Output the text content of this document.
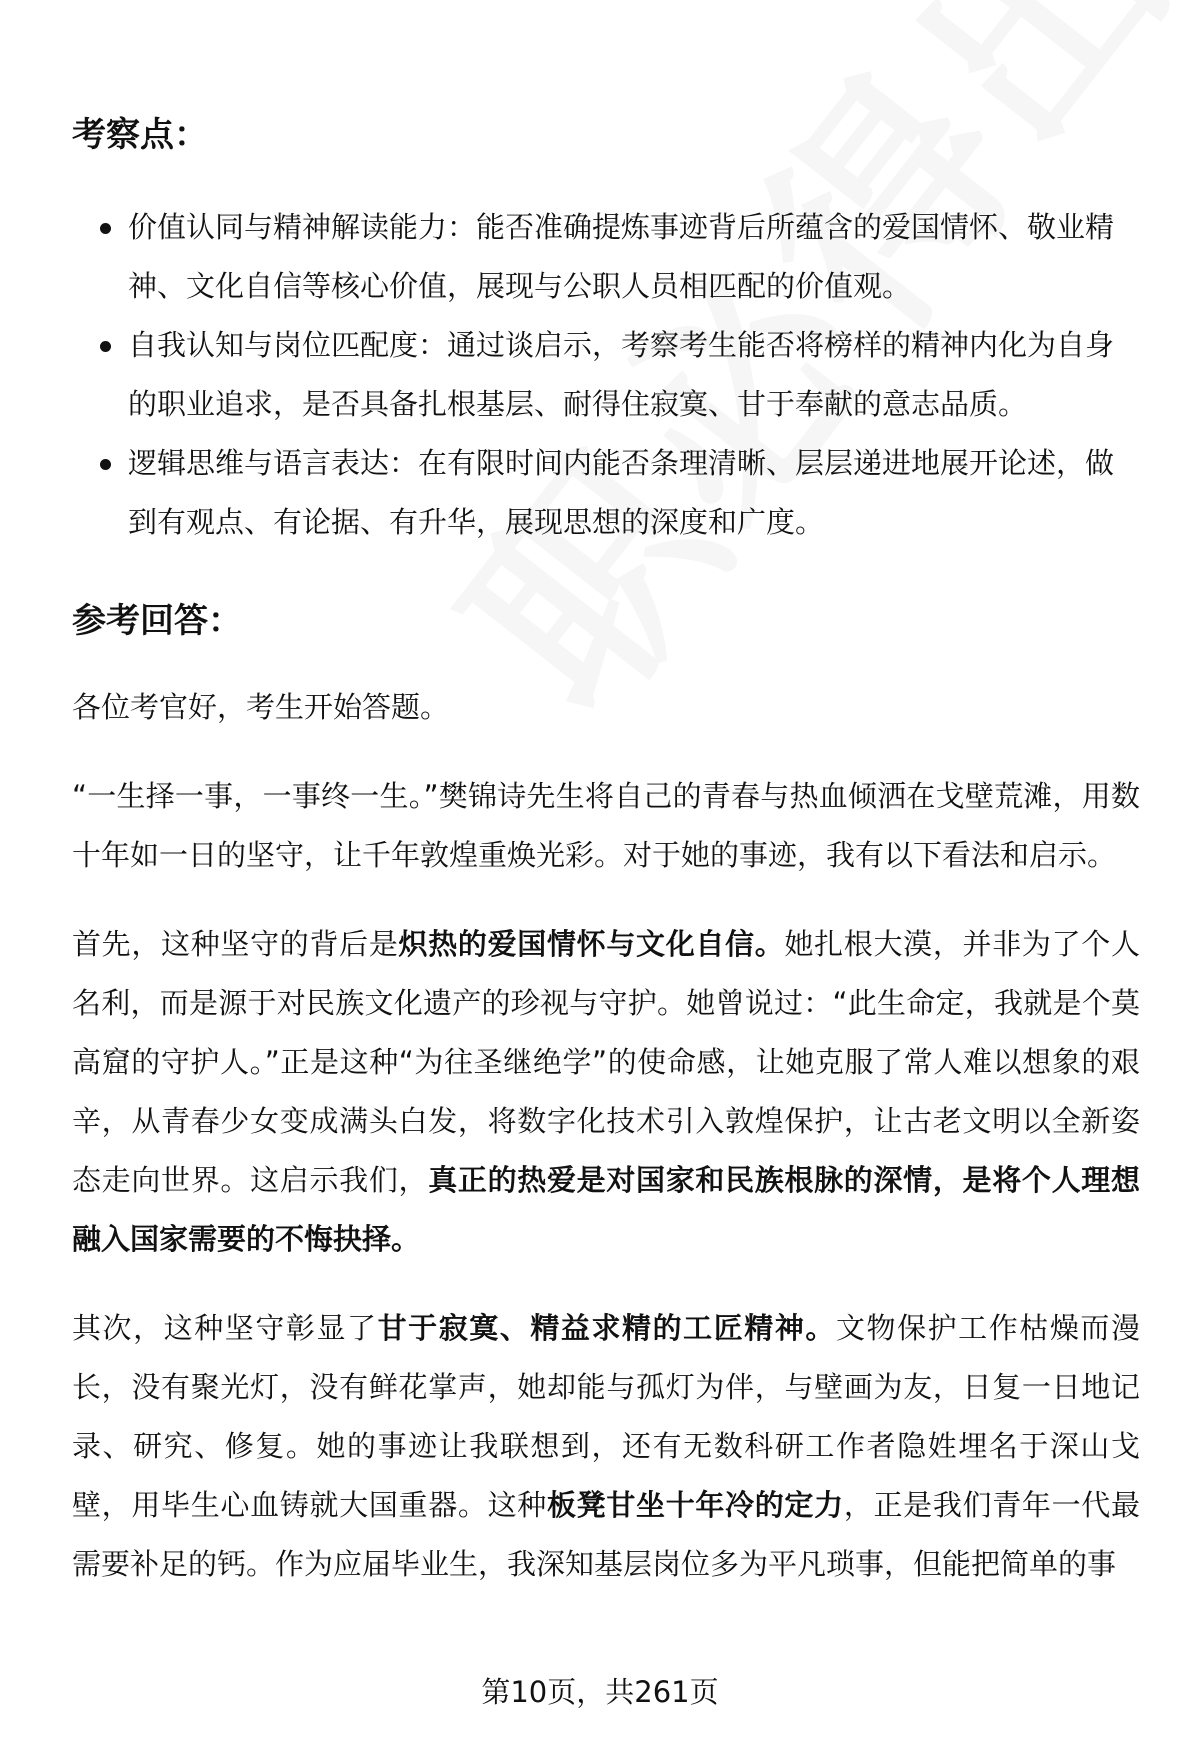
考察点：
价值认同与精神解读能力：能否准确提炼事迹背后所蕴含的爱国情怀、敬业精神、文化自信等核心价值，展现与公职人员相匹配的价值观。
自我认知与岗位匹配度：通过谈启示，考察考生能否将榜样的精神内化为自身的职业追求，是否具备扎根基层、耐得住寂寞、甘于奉献的意志品质。
逻辑思维与语言表达：在有限时间内能否条理清晰、层层递进地展开论述，做到有观点、有论据、有升华，展现思想的深度和广度。
参考回答：

各位考官好，考生开始答题。

“一生择一事，一事终一生。”樊锦诗先生将自己的青春与热血倾洒在戈壁荒滩，用数十年如一日的坚守，让千年敦煌重焕光彩。对于她的事迹，我有以下看法和启示。

首先，这种坚守的背后是炽热的爱国情怀与文化自信。她扎根大漠，并非为了个人名利，而是源于对民族文化遗产的珍视与守护。她曾说过：“此生命定，我就是个莫高窟的守护人。”正是这种“为往圣继绝学”的使命感，让她克服了常人难以想象的艰辛，从青春少女变成满头白发，将数字化技术引入敦煌保护，让古老文明以全新姿态走向世界。这启示我们，真正的热爱是对国家和民族根脉的深情，是将个人理想融入国家需要的不悔抉择。

其次，这种坚守彰显了甘于寂寞、精益求精的工匠精神。文物保护工作枯燥而漫长，没有聚光灯，没有鲜花掌声，她却能与孤灯为伴，与壁画为友，日复一日地记录、研究、修复。她的事迹让我联想到，还有无数科研工作者隐姓埋名于深山戈壁，用毕生心血铸就大国重器。这种板凳甘坐十年冷的定力，正是我们青年一代最需要补足的钙。作为应届毕业生，我深知基层岗位多为平凡琐事，但能把简单的事

第10页，共261页
